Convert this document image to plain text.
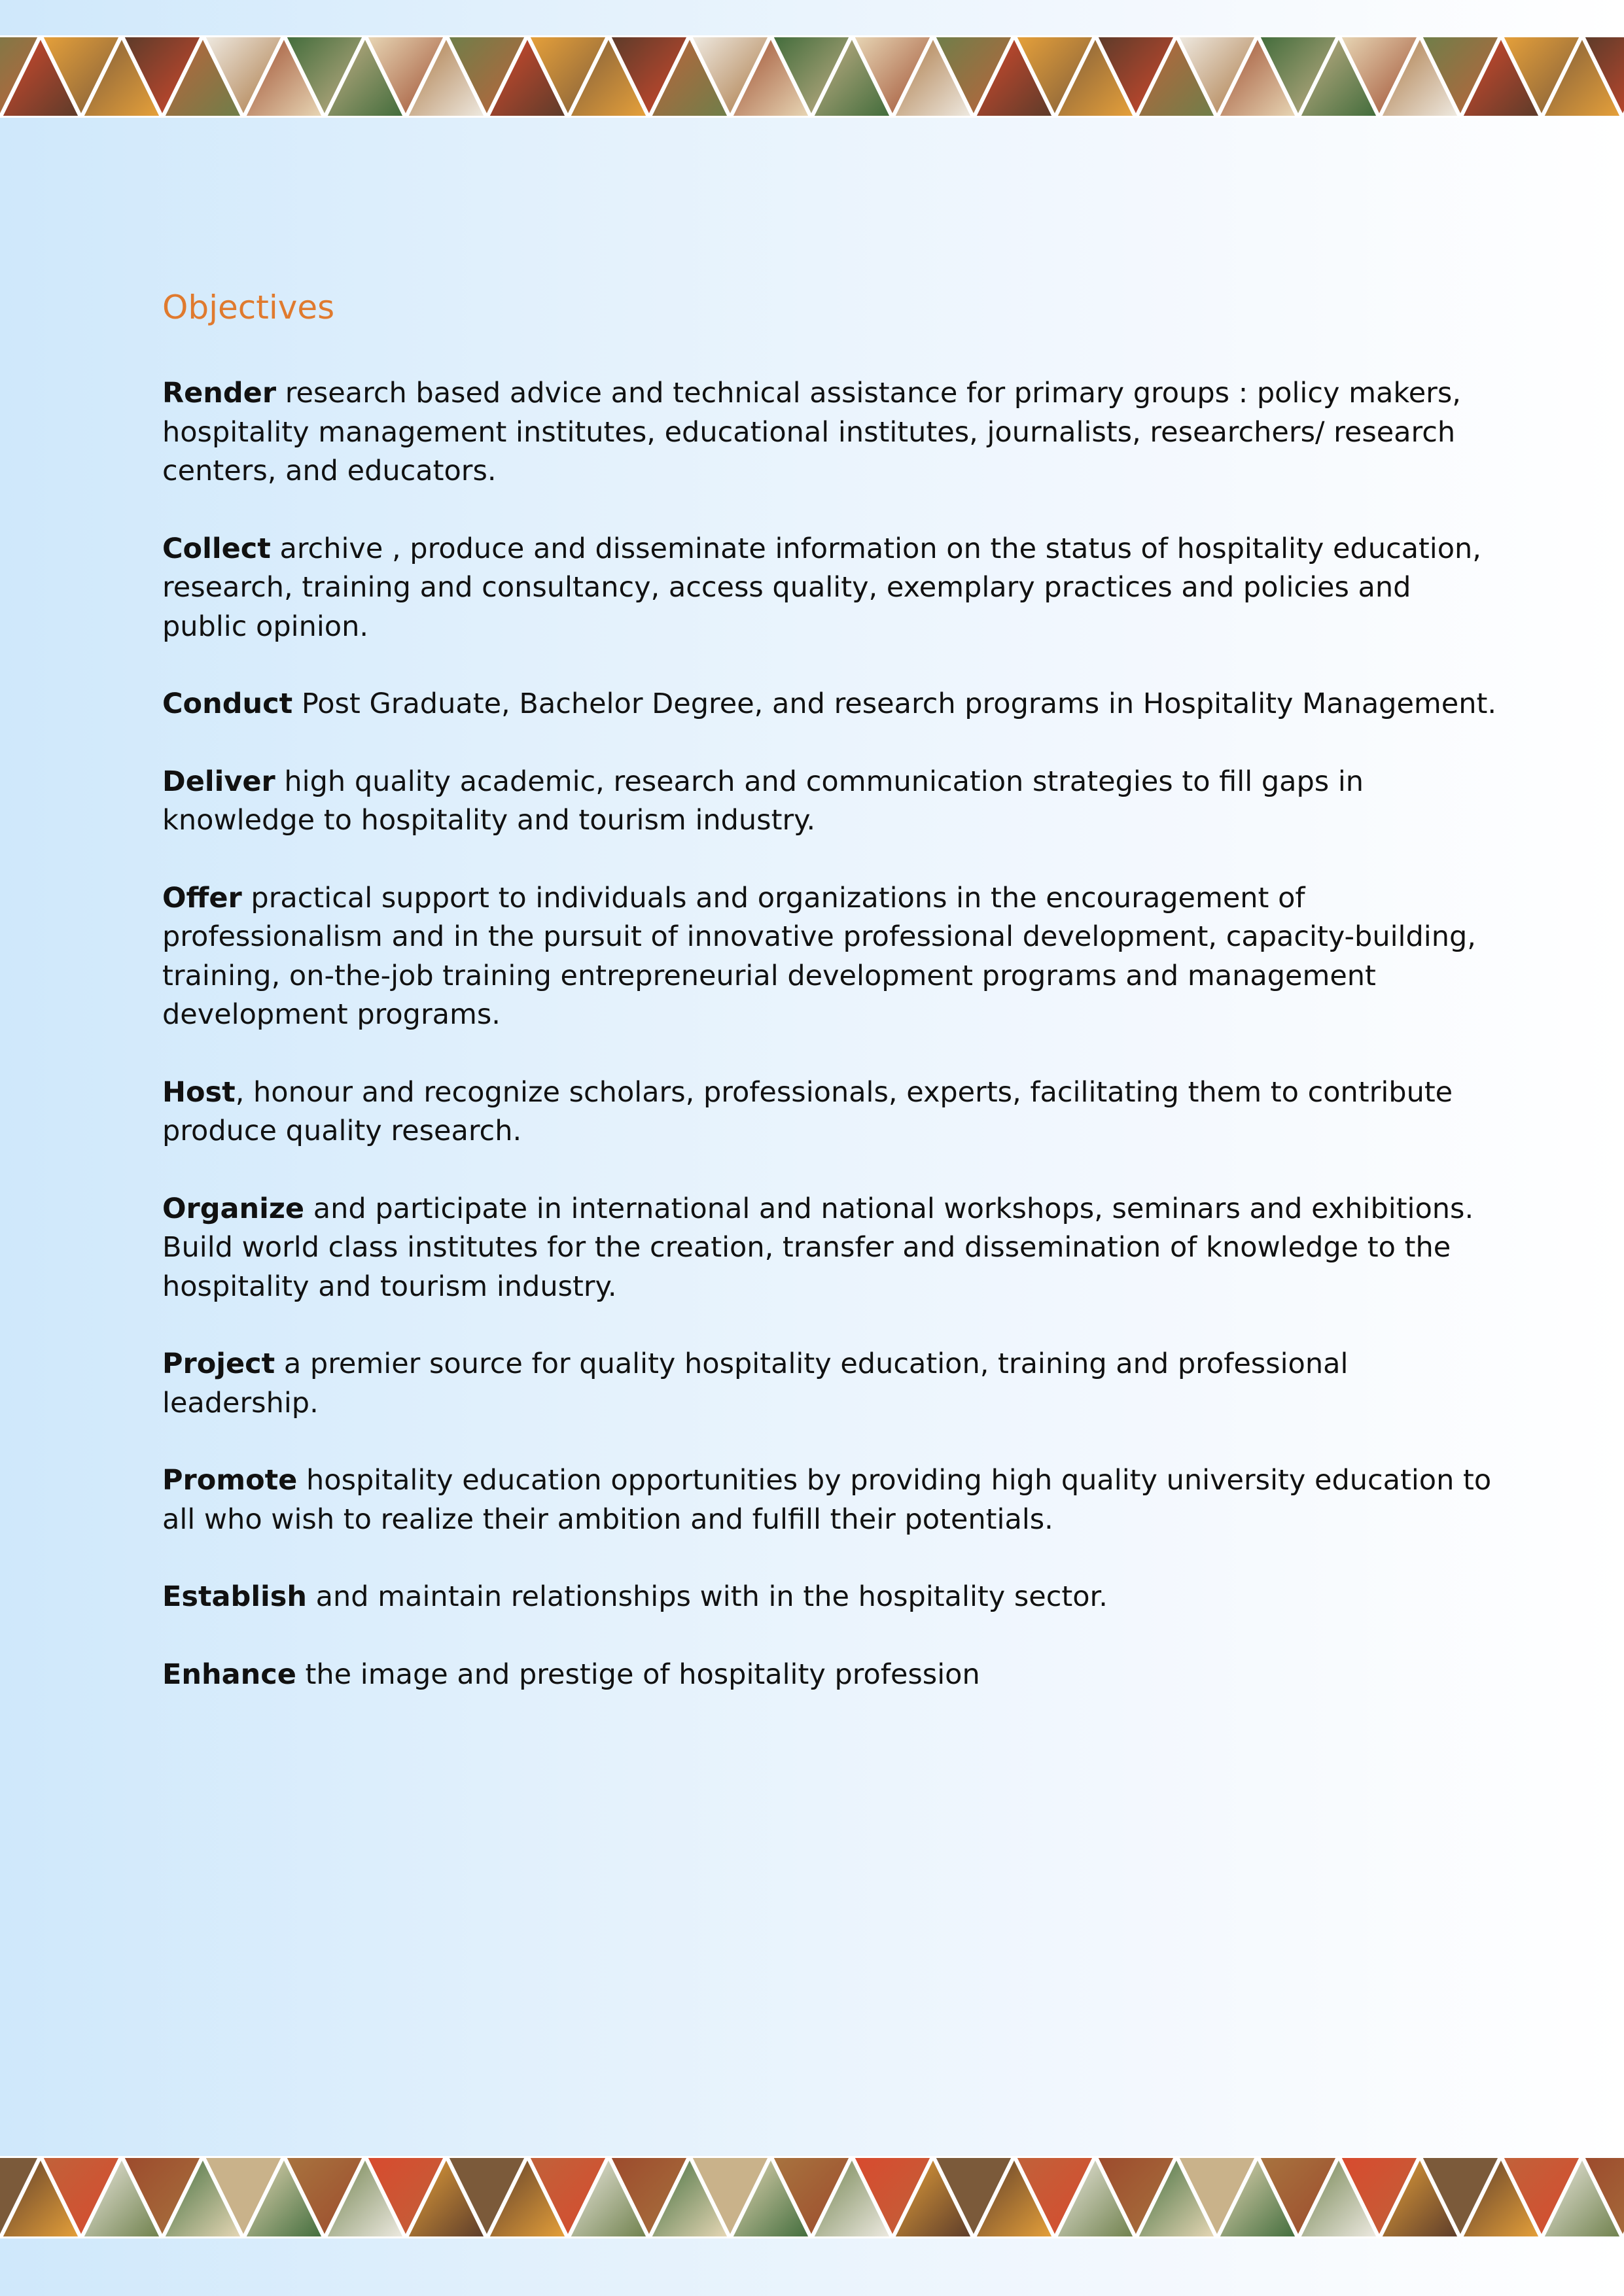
Objectives

Render research based advice and technical assistance for primary groups : policy makers, hospitality management institutes, educational institutes, journalists, researchers/ research centers, and educators.

Collect archive , produce and disseminate information on the status of hospitality education, research, training and consultancy, access quality, exemplary practices and policies and public opinion.

Conduct Post Graduate, Bachelor Degree, and research programs in Hospitality Management.

Deliver high quality academic, research and communication strategies to fill gaps in knowledge to hospitality and tourism industry.

Offer practical support to individuals and organizations in the encouragement of professionalism and in the pursuit of innovative professional development, capacity-building, training, on-the-job training entrepreneurial development programs and management development programs.

Host, honour and recognize scholars, professionals, experts, facilitating them to contribute produce quality research.

Organize and participate in international and national workshops, seminars and exhibitions. Build world class institutes for the creation, transfer and dissemination of knowledge to the hospitality and tourism industry.

Project a premier source for quality hospitality education, training and professional leadership.

Promote hospitality education opportunities by providing high quality university education to all who wish to realize their ambition and fulfill their potentials.

Establish and maintain relationships with in the hospitality sector.

Enhance the image and prestige of hospitality profession
